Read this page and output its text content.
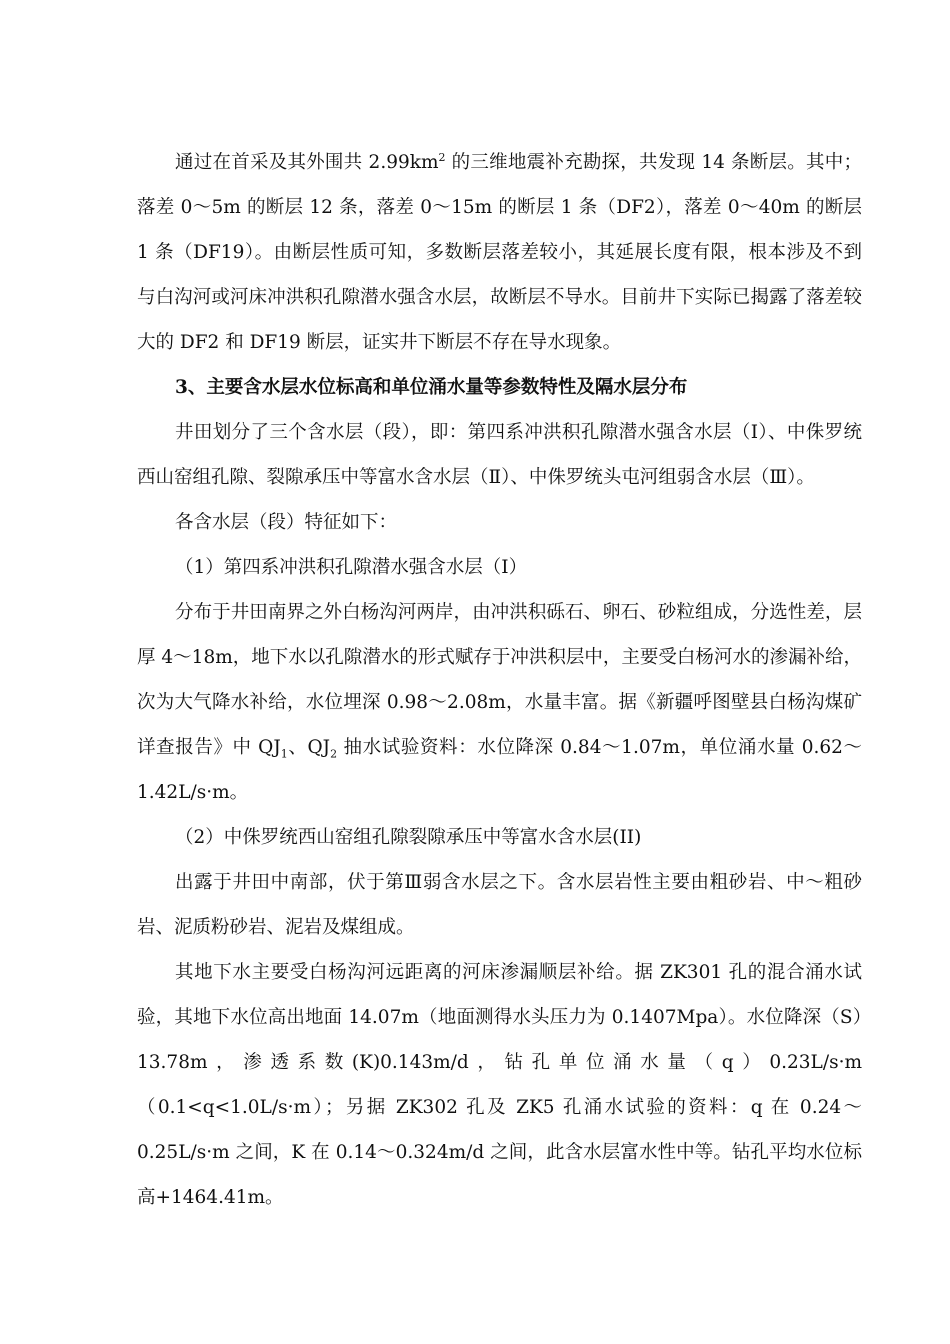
通过在首采及其外围共 $2.99km^2$ 的三维地震补充勘探，共发现 14 条断层。其中；落差 0～5m 的断层 12 条，落差 0～15m 的断层 1 条（DF2），落差 0～40m 的断层 1 条（DF19）。由断层性质可知，多数断层落差较小，其延展长度有限，根本涉及不到与白沟河或河床冲洪积孔隙潜水强含水层，故断层不导水。目前井下实际已揭露了落差较大的 DF2 和 DF19 断层，证实井下断层不存在导水现象。

3、主要含水层水位标高和单位涌水量等参数特性及隔水层分布

井田划分了三个含水层（段），即：第四系冲洪积孔隙潜水强含水层（Ⅰ）、中侏罗统西山窑组孔隙、裂隙承压中等富水含水层（Ⅱ）、中侏罗统头屯河组弱含水层（Ⅲ）。

各含水层（段）特征如下：

（1）第四系冲洪积孔隙潜水强含水层（Ⅰ）

分布于井田南界之外白杨沟河两岸，由冲洪积砾石、卵石、砂粒组成，分选性差，层厚 4～18m，地下水以孔隙潜水的形式赋存于冲洪积层中，主要受白杨河水的渗漏补给，次为大气降水补给，水位埋深 0.98～2.08m，水量丰富。据《新疆呼图壁县白杨沟煤矿详查报告》中 $QJ_1$、$QJ_2$ 抽水试验资料：水位降深 0.84～1.07m，单位涌水量 0.62～1.42L/s·m。

（2）中侏罗统西山窑组孔隙裂隙承压中等富水含水层(II)

出露于井田中南部，伏于第Ⅲ弱含水层之下。含水层岩性主要由粗砂岩、中～粗砂岩、泥质粉砂岩、泥岩及煤组成。

其地下水主要受白杨沟河远距离的河床渗漏顺层补给。据 ZK301 孔的混合涌水试验，其地下水位高出地面 14.07m（地面测得水头压力为 0.1407Mpa）。水位降深（S）13.78m，渗透系数(K)0.143m/d，钻孔单位涌水量（q）0.23L/s·m（0.1<q<1.0L/s·m）；另据 ZK302 孔及 ZK5 孔涌水试验的资料：q 在 0.24～0.25L/s·m 之间，K 在 0.14～0.324m/d 之间，此含水层富水性中等。钻孔平均水位标高+1464.41m。
